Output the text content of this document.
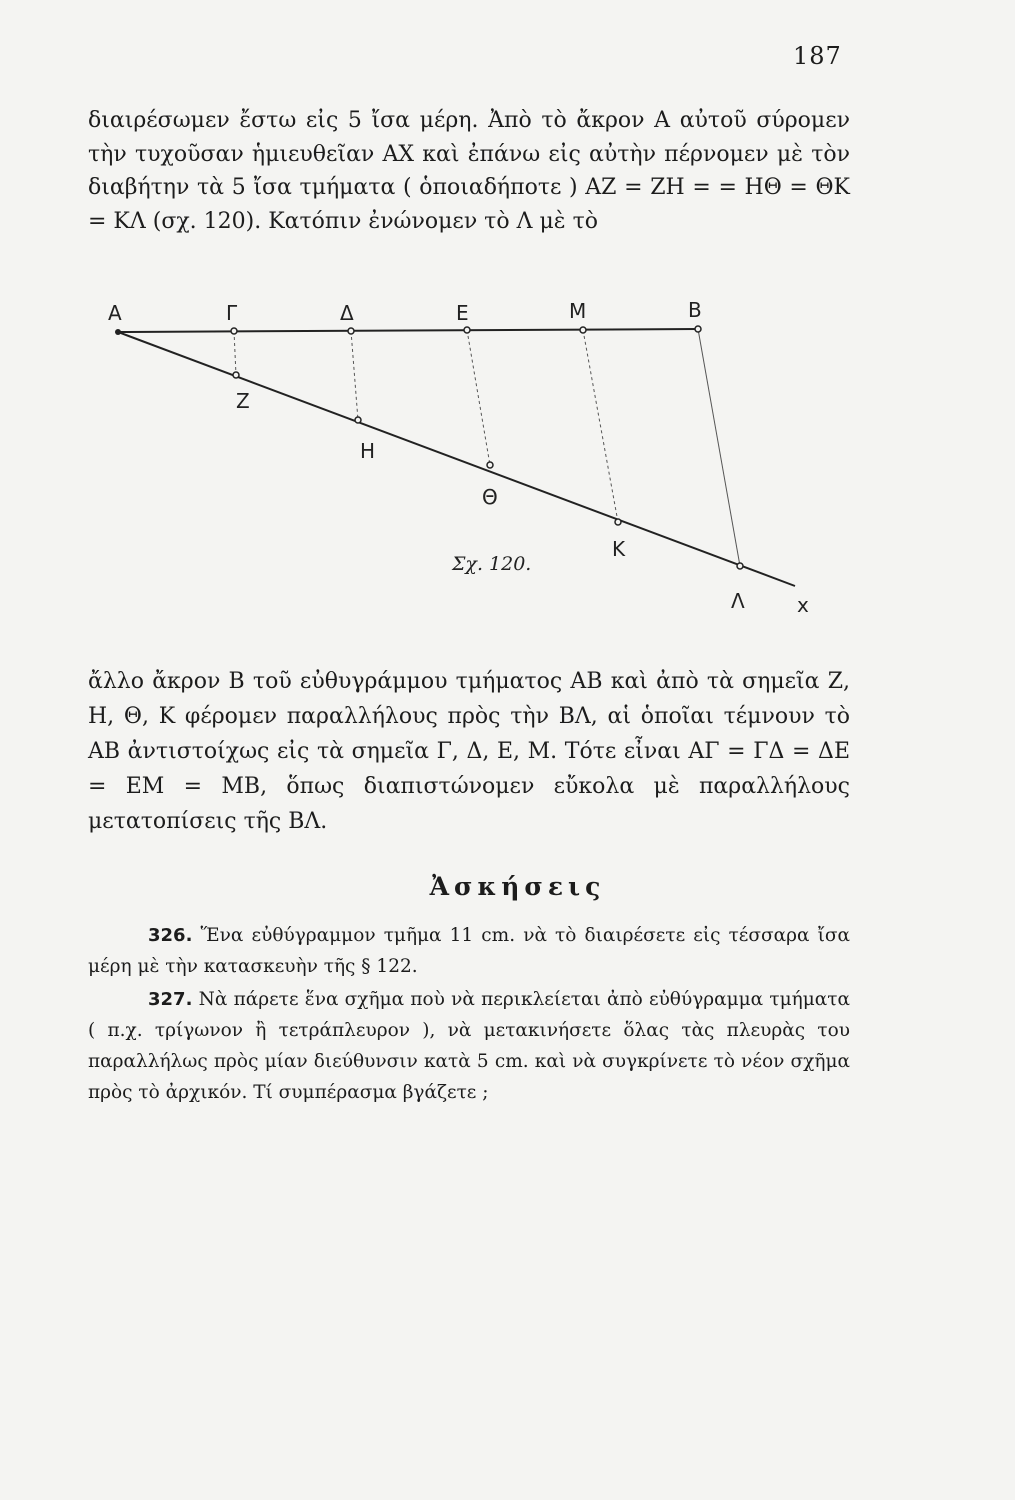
187

διαιρέσωμεν ἔστω εἰς 5 ἴσα μέρη. Ἀπὸ τὸ ἄκρον Α αὐτοῦ σύρομεν τὴν τυχοῦσαν ἡμιευθεῖαν ΑΧ καὶ ἐπάνω εἰς αὐτὴν πέρνομεν μὲ τὸν διαβήτην τὰ 5 ἴσα τμήματα ( ὁποιαδήποτε ) ΑΖ = ΖΗ = = ΗΘ = ΘΚ = ΚΛ (σχ. 120). Κατόπιν ἐνώνομεν τὸ Λ μὲ τὸ

Α	Γ	Δ	Ε	Μ	Β
Ζ
Η
Θ
Κ
Λ	x
Σχ. 120.

ἄλλο ἄκρον Β τοῦ εὐθυγράμμου τμήματος ΑΒ καὶ ἀπὸ τὰ σημεῖα Ζ, Η, Θ, Κ φέρομεν παραλλήλους πρὸς τὴν ΒΛ, αἱ ὁποῖαι τέμνουν τὸ ΑΒ ἀντιστοίχως εἰς τὰ σημεῖα Γ, Δ, Ε, Μ. Τότε εἶναι ΑΓ = ΓΔ = ΔΕ = ΕΜ = ΜΒ, ὅπως διαπιστώνομεν εὔκολα μὲ παραλλήλους μετατοπίσεις τῆς ΒΛ.

Ἀσκήσεις

326. Ἕνα εὐθύγραμμον τμῆμα 11 cm. νὰ τὸ διαιρέσετε εἰς τέσσαρα ἴσα μέρη μὲ τὴν κατασκευὴν τῆς § 122.

327. Νὰ πάρετε ἕνα σχῆμα ποὺ νὰ περικλείεται ἀπὸ εὐθύγραμμα τμήματα ( π.χ. τρίγωνον ἢ τετράπλευρον ), νὰ μετακινήσετε ὅλας τὰς πλευρὰς του παραλλήλως πρὸς μίαν διεύθυνσιν κατὰ 5 cm. καὶ νὰ συγκρίνετε τὸ νέον σχῆμα πρὸς τὸ ἀρχικόν. Τί συμπέρασμα βγάζετε ;
